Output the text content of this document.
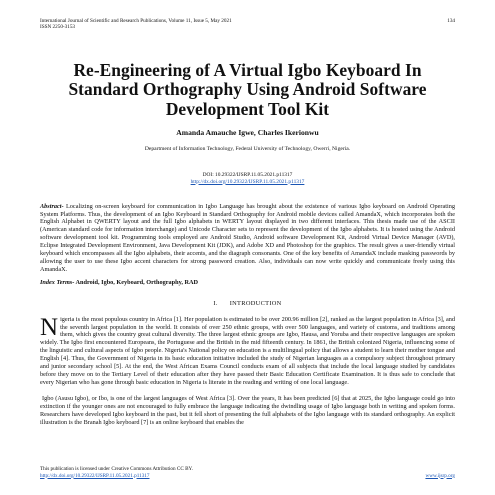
International Journal of Scientific and Research Publications, Volume 11, Issue 5, May 2021
ISSN 2250-3153
134
Re-Engineering of A Virtual Igbo Keyboard In Standard Orthography Using Android Software Development Tool Kit
Amanda Amauche Igwe, Charles Ikerionwu
Department of Information Technology, Federal University of Technology, Owerri, Nigeria.
DOI: 10.29322/IJSRP.11.05.2021.p11317
http://dx.doi.org/10.29322/IJSRP.11.05.2021.p11317
Abstract- Localizing on-screen keyboard for communication in Igbo Language has brought about the existence of various Igbo keyboard on Android Operating System Platforms. Thus, the development of an Igbo Keyboard in Standard Orthography for Android mobile devices called AmandaX, which incorporates both the English Alphabet in QWERTY layout and the full Igbo alphabets in WERTY layout displayed in two different interfaces. This thesis made use of the ASCII (American standard code for information interchange) and Unicode Character sets to represent the development of the Igbo alphabets. It is hosted using the Android software development tool kit. Programming tools employed are Android Studio, Android software Development Kit, Android Virtual Device Manager (AVD), Eclipse Integrated Development Environment, Java Development Kit (JDK), and Adobe XD and Photoshop for the graphics. The result gives a user-friendly virtual keyboard which encompasses all the Igbo alphabets, their accents, and the diagraph consonants. One of the key benefits of AmandaX include masking passwords by allowing the user to use these Igbo accent characters for strong password creation. Also, individuals can now write quickly and communicate freely using this AmandaX.
Index Terms- Android, Igbo, Keyboard, Orthography, RAD
I. INTRODUCTION
Nigeria is the most populous country in Africa [1]. Her population is estimated to be over 200.96 million [2], ranked as the largest population in Africa [3], and the seventh largest population in the world. It consists of over 250 ethnic groups, with over 500 languages, and variety of customs, and traditions among them, which gives the country great cultural diversity. The three largest ethnic groups are Igbo, Hausa, and Yoruba and their respective languages are spoken widely. The Igbo first encountered Europeans, the Portuguese and the British in the mid fifteenth century. In 1861, the British colonized Nigeria, influencing some of the linguistic and cultural aspects of Igbo people. Nigeria's National policy on education is a multilingual policy that allows a student to learn their mother tongue and English [4]. Thus, the Government of Nigeria in its basic education initiative included the study of Nigerian languages as a compulsory subject throughout primary and junior secondary school [5]. At the end, the West African Exams Council conducts exam of all subjects that include the local language studied by candidates before they move on to the Tertiary Level of their education after they have passed their Basic Education Certificate Examination. It is thus safe to conclude that every Nigerian who has gone through basic education in Nigeria is literate in the reading and writing of one local language.
Igbo (Asusu Igbo), or Ibo, is one of the largest languages of West Africa [3]. Over the years, It has been predicted [6] that at 2025, the Igbo language could go into extinction if the younger ones are not encouraged to fully embrace the language indicating the dwindling usage of Igbo language both in writing and spoken forms. Researchers have developed Igbo keyboard in the past, but it fell short of presenting the full alphabets of the Igbo language with its standard orthography. An explicit illustration is the Branah Igbo keyboard [7] is an online keyboard that enables the
This publication is licensed under Creative Commons Attribution CC BY.
http://dx.doi.org/10.29322/IJSRP.11.05.2021.p11317	www.ijsrp.org
